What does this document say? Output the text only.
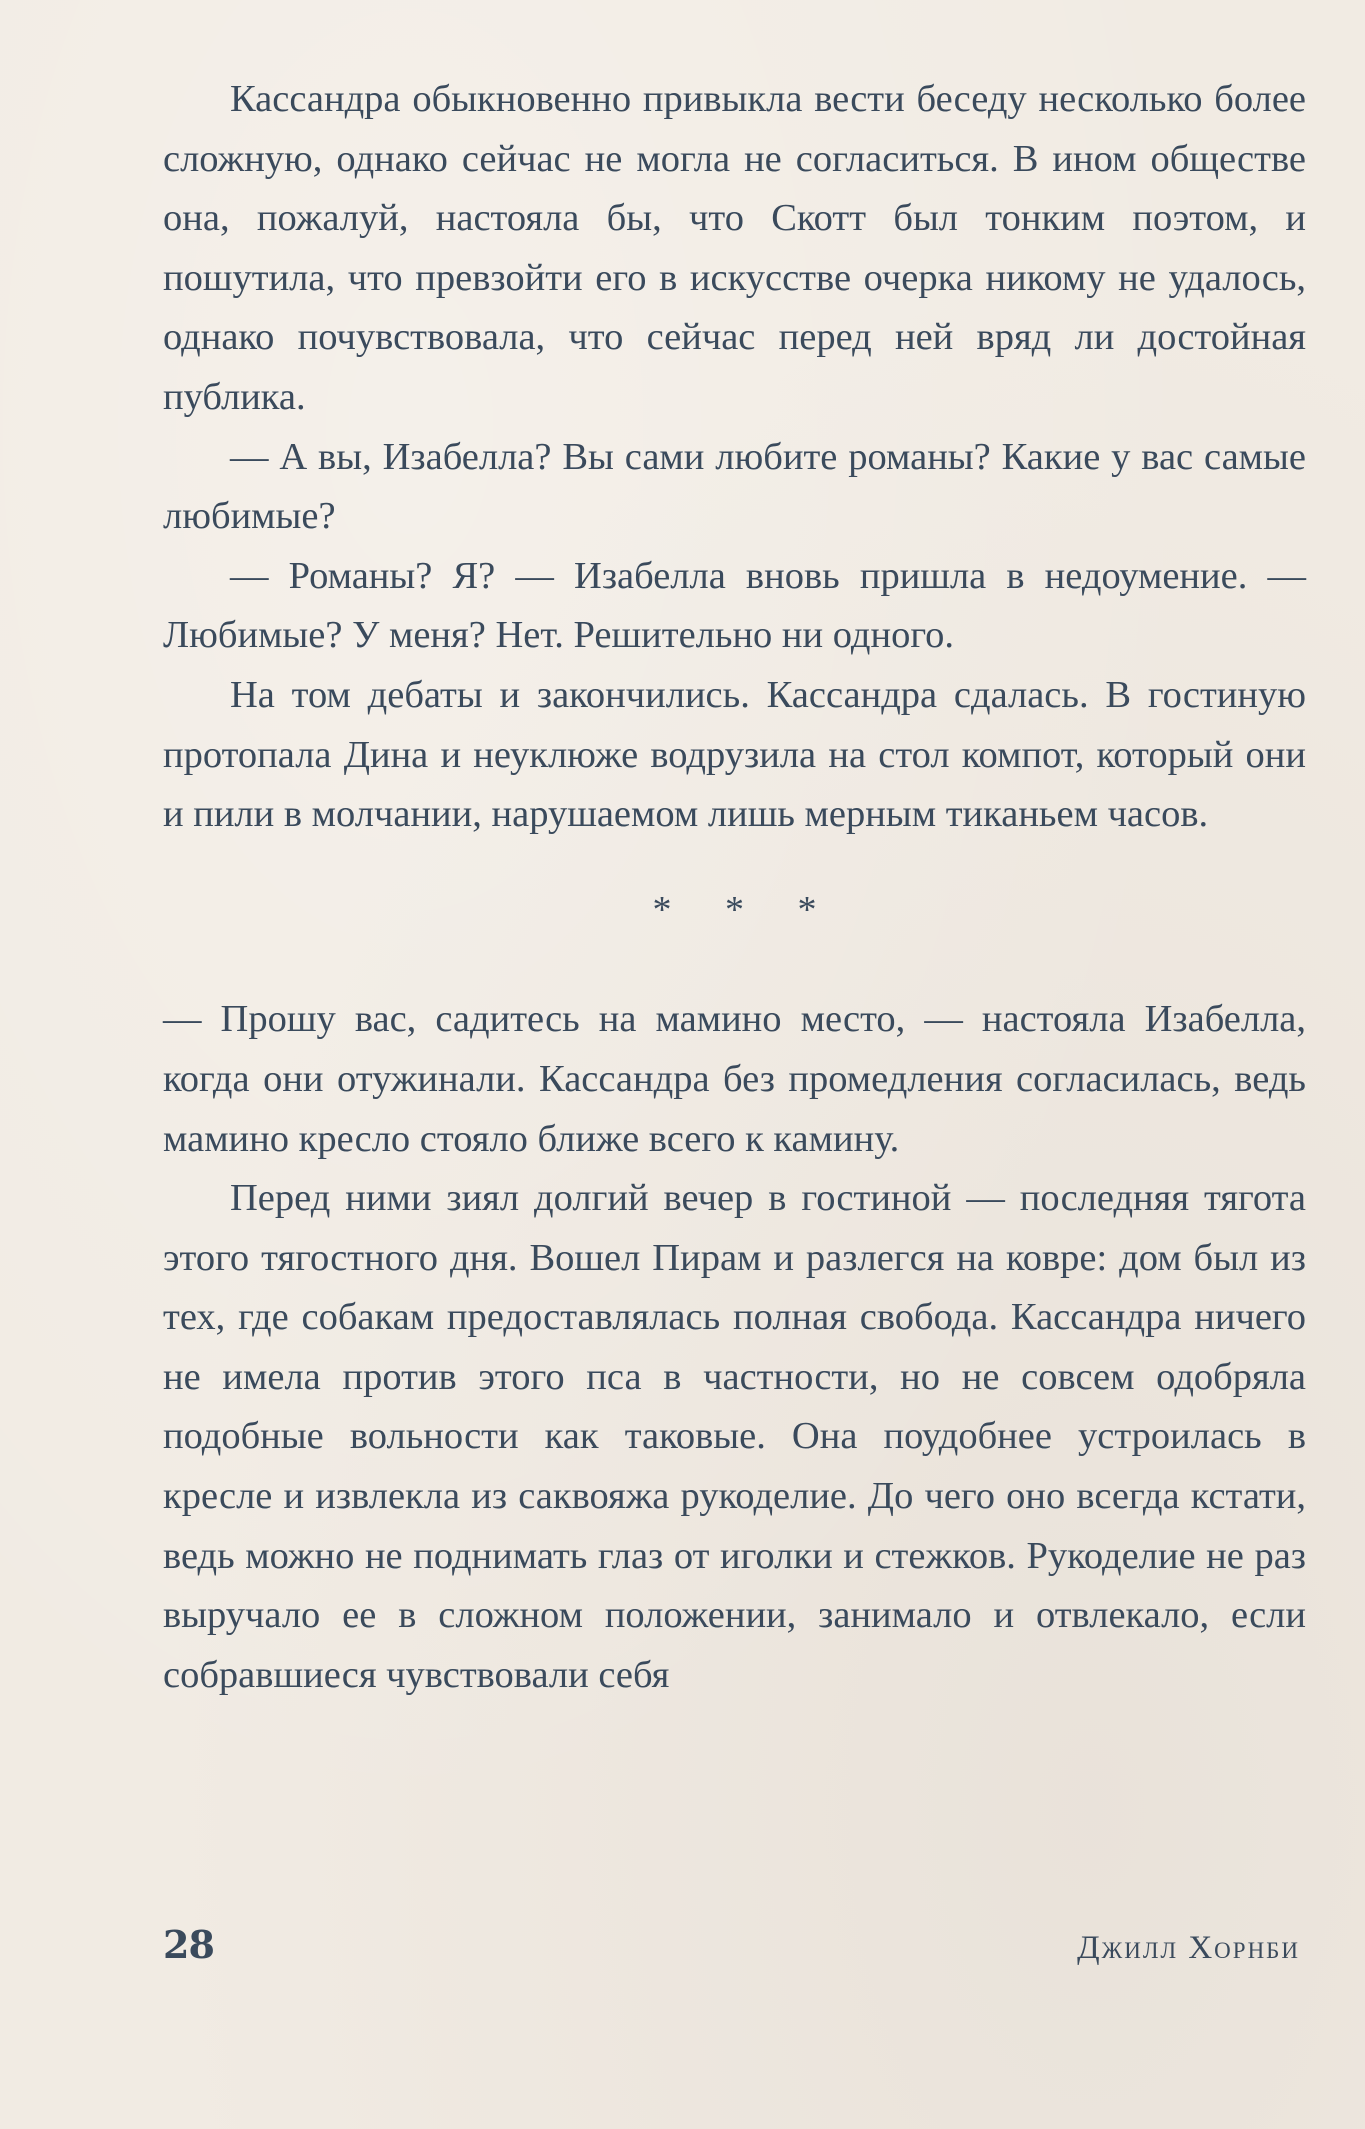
Кассандра обыкновенно привыкла вести беседу несколько более сложную, однако сейчас не могла не согласиться. В ином обществе она, пожалуй, настояла бы, что Скотт был тонким поэтом, и пошутила, что превзойти его в искусстве очерка никому не удалось, однако почувствовала, что сейчас перед ней вряд ли достойная публика.

— А вы, Изабелла? Вы сами любите романы? Какие у вас самые любимые?

— Романы? Я? — Изабелла вновь пришла в недоумение. — Любимые? У меня? Нет. Решительно ни одного.

На том дебаты и закончились. Кассандра сдалась. В гостиную протопала Дина и неуклюже водрузила на стол компот, который они и пили в молчании, нарушаемом лишь мерным тиканьем часов.

* * *

— Прошу вас, садитесь на мамино место, — настояла Изабелла, когда они отужинали. Кассандра без промедления согласилась, ведь мамино кресло стояло ближе всего к камину.

Перед ними зиял долгий вечер в гостиной — последняя тягота этого тягостного дня. Вошел Пирам и разлегся на ковре: дом был из тех, где собакам предоставлялась полная свобода. Кассандра ничего не имела против этого пса в частности, но не совсем одобряла подобные вольности как таковые. Она поудобнее устроилась в кресле и извлекла из саквояжа рукоделие. До чего оно всегда кстати, ведь можно не поднимать глаз от иголки и стежков. Рукоделие не раз выручало ее в сложном положении, занимало и отвлекало, если собравшиеся чувствовали себя

28	Джилл Хорнби
